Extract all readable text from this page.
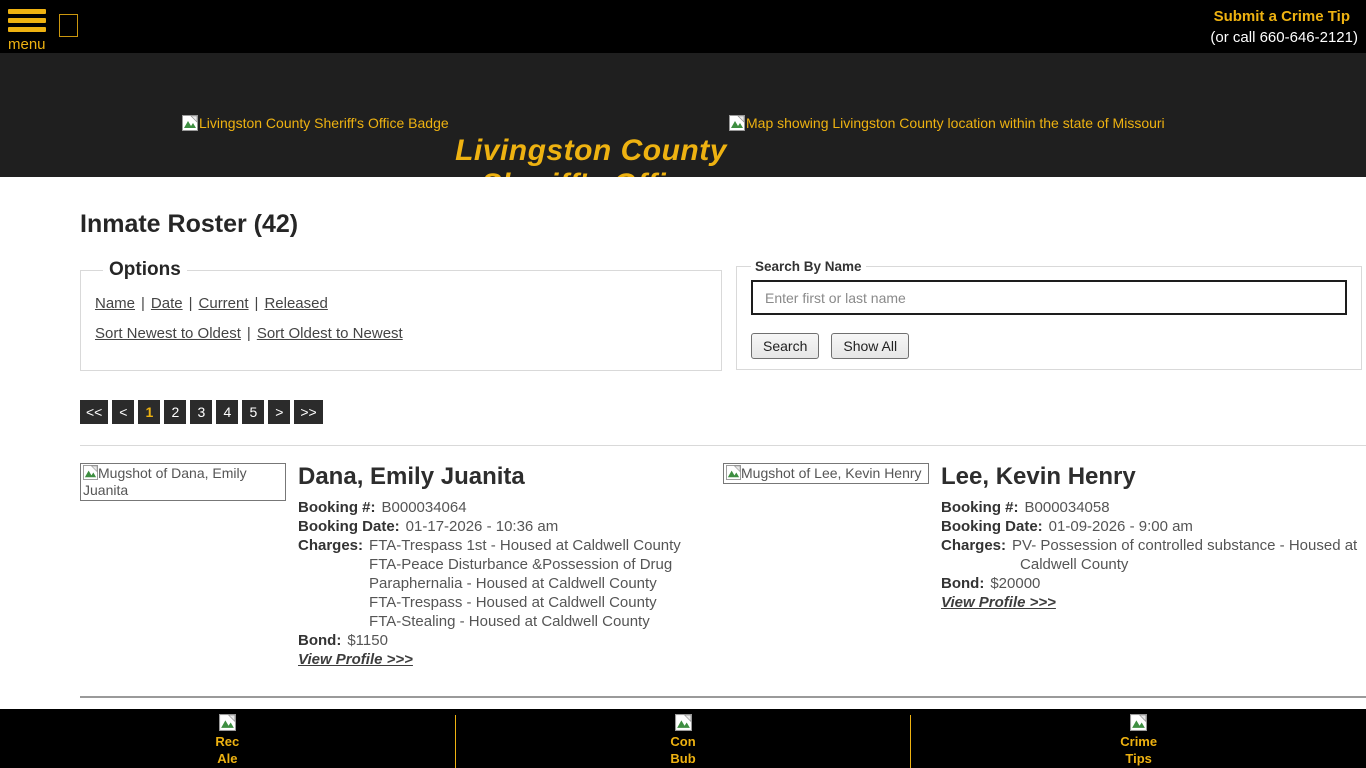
menu
Submit a Crime Tip
(or call 660-646-2121)
Livingston County Sheriff's Office Badge
Livingston County
Map showing Livingston County location within the state of Missouri
Inmate Roster (42)
Options
Name | Date | Current | Released
Sort Newest to Oldest | Sort Oldest to Newest
Search By Name
Enter first or last name
Search	Show All
<<	<	1	2	3	4	5	>	>>
Mugshot of Dana, Emily Juanita	Dana, Emily Juanita
Booking #: B000034064
Booking Date: 01-17-2026 - 10:36 am
Charges: FTA-Trespass 1st - Housed at Caldwell County
FTA-Peace Disturbance &Possession of Drug
Paraphernalia - Housed at Caldwell County
FTA-Trespass - Housed at Caldwell County
FTA-Stealing - Housed at Caldwell County
Bond: $1150
View Profile >>>
Mugshot of Lee, Kevin Henry Lee, Kevin Henry
Booking #: B000034058
Booking Date: 01-09-2026 - 9:00 am
Charges: PV- Possession of controlled substance - Housed at
Caldwell County
Bond: $20000
View Profile >>>
Rec
Ale
Con
Bub
Crime
Tips
